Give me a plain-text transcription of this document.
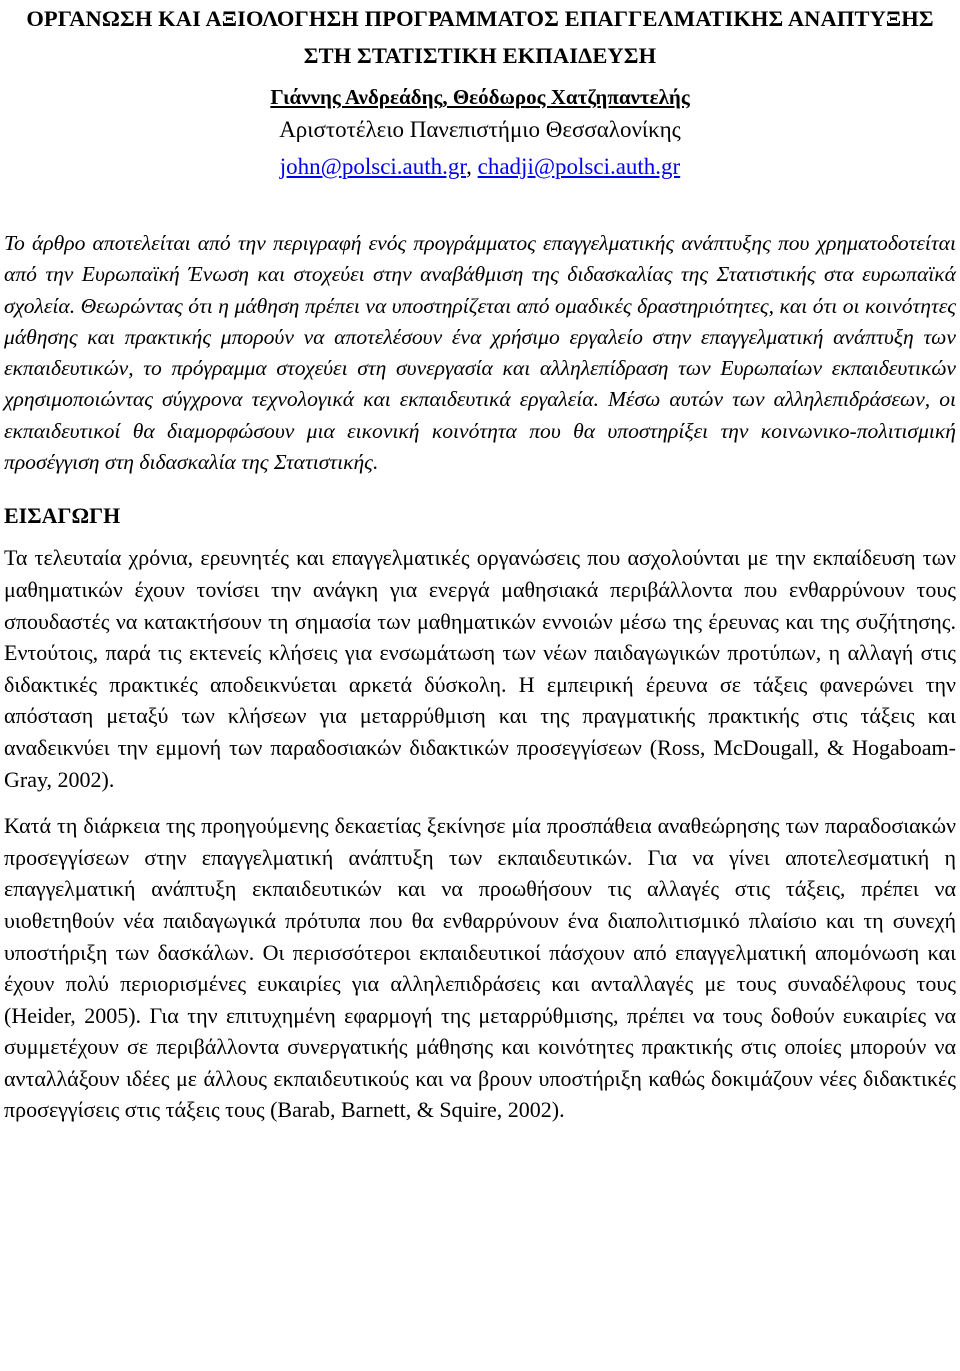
ΟΡΓΑΝΩΣΗ ΚΑΙ ΑΞΙΟΛΟΓΗΣΗ ΠΡΟΓΡΑΜΜΑΤΟΣ ΕΠΑΓΓΕΛΜΑΤΙΚΗΣ ΑΝΑΠΤΥΞΗΣ ΣΤΗ ΣΤΑΤΙΣΤΙΚΗ ΕΚΠΑΙΔΕΥΣΗ

Γιάννης Ανδρεάδης, Θεόδωρος Χατζηπαντελής

Αριστοτέλειο Πανεπιστήμιο Θεσσαλονίκης

john@polsci.auth.gr, chadji@polsci.auth.gr

Το άρθρο αποτελείται από την περιγραφή ενός προγράμματος επαγγελματικής ανάπτυξης που χρηματοδοτείται από την Ευρωπαϊκή Ένωση και στοχεύει στην αναβάθμιση της διδασκαλίας της Στατιστικής στα ευρωπαϊκά σχολεία. Θεωρώντας ότι η μάθηση πρέπει να υποστηρίζεται από ομαδικές δραστηριότητες, και ότι οι κοινότητες μάθησης και πρακτικής μπορούν να αποτελέσουν ένα χρήσιμο εργαλείο στην επαγγελματική ανάπτυξη των εκπαιδευτικών, το πρόγραμμα στοχεύει στη συνεργασία και αλληλεπίδραση των Ευρωπαίων εκπαιδευτικών χρησιμοποιώντας σύγχρονα τεχνολογικά και εκπαιδευτικά εργαλεία. Μέσω αυτών των αλληλεπιδράσεων, οι εκπαιδευτικοί θα διαμορφώσουν μια εικονική κοινότητα που θα υποστηρίξει την κοινωνικο-πολιτισμική προσέγγιση στη διδασκαλία της Στατιστικής.

ΕΙΣΑΓΩΓΗ

Τα τελευταία χρόνια, ερευνητές και επαγγελματικές οργανώσεις που ασχολούνται με την εκπαίδευση των μαθηματικών έχουν τονίσει την ανάγκη για ενεργά μαθησιακά περιβάλλοντα που ενθαρρύνουν τους σπουδαστές να κατακτήσουν τη σημασία των μαθηματικών εννοιών μέσω της έρευνας και της συζήτησης. Εντούτοις, παρά τις εκτενείς κλήσεις για ενσωμάτωση των νέων παιδαγωγικών προτύπων, η αλλαγή στις διδακτικές πρακτικές αποδεικνύεται αρκετά δύσκολη. Η εμπειρική έρευνα σε τάξεις φανερώνει την απόσταση μεταξύ των κλήσεων για μεταρρύθμιση και της πραγματικής πρακτικής στις τάξεις και αναδεικνύει την εμμονή των παραδοσιακών διδακτικών προσεγγίσεων (Ross, McDougall, & Hogaboam-Gray, 2002).

Κατά τη διάρκεια της προηγούμενης δεκαετίας ξεκίνησε μία προσπάθεια αναθεώρησης των παραδοσιακών προσεγγίσεων στην επαγγελματική ανάπτυξη των εκπαιδευτικών. Για να γίνει αποτελεσματική η επαγγελματική ανάπτυξη εκπαιδευτικών και να προωθήσουν τις αλλαγές στις τάξεις, πρέπει να υιοθετηθούν νέα παιδαγωγικά πρότυπα που θα ενθαρρύνουν ένα διαπολιτισμικό πλαίσιο και τη συνεχή υποστήριξη των δασκάλων. Οι περισσότεροι εκπαιδευτικοί πάσχουν από επαγγελματική απομόνωση και έχουν πολύ περιορισμένες ευκαιρίες για αλληλεπιδράσεις και ανταλλαγές με τους συναδέλφους τους (Heider, 2005). Για την επιτυχημένη εφαρμογή της μεταρρύθμισης, πρέπει να τους δοθούν ευκαιρίες να συμμετέχουν σε περιβάλλοντα συνεργατικής μάθησης και κοινότητες πρακτικής στις οποίες μπορούν να ανταλλάξουν ιδέες με άλλους εκπαιδευτικούς και να βρουν υποστήριξη καθώς δοκιμάζουν νέες διδακτικές προσεγγίσεις στις τάξεις τους (Barab, Barnett, & Squire, 2002).
